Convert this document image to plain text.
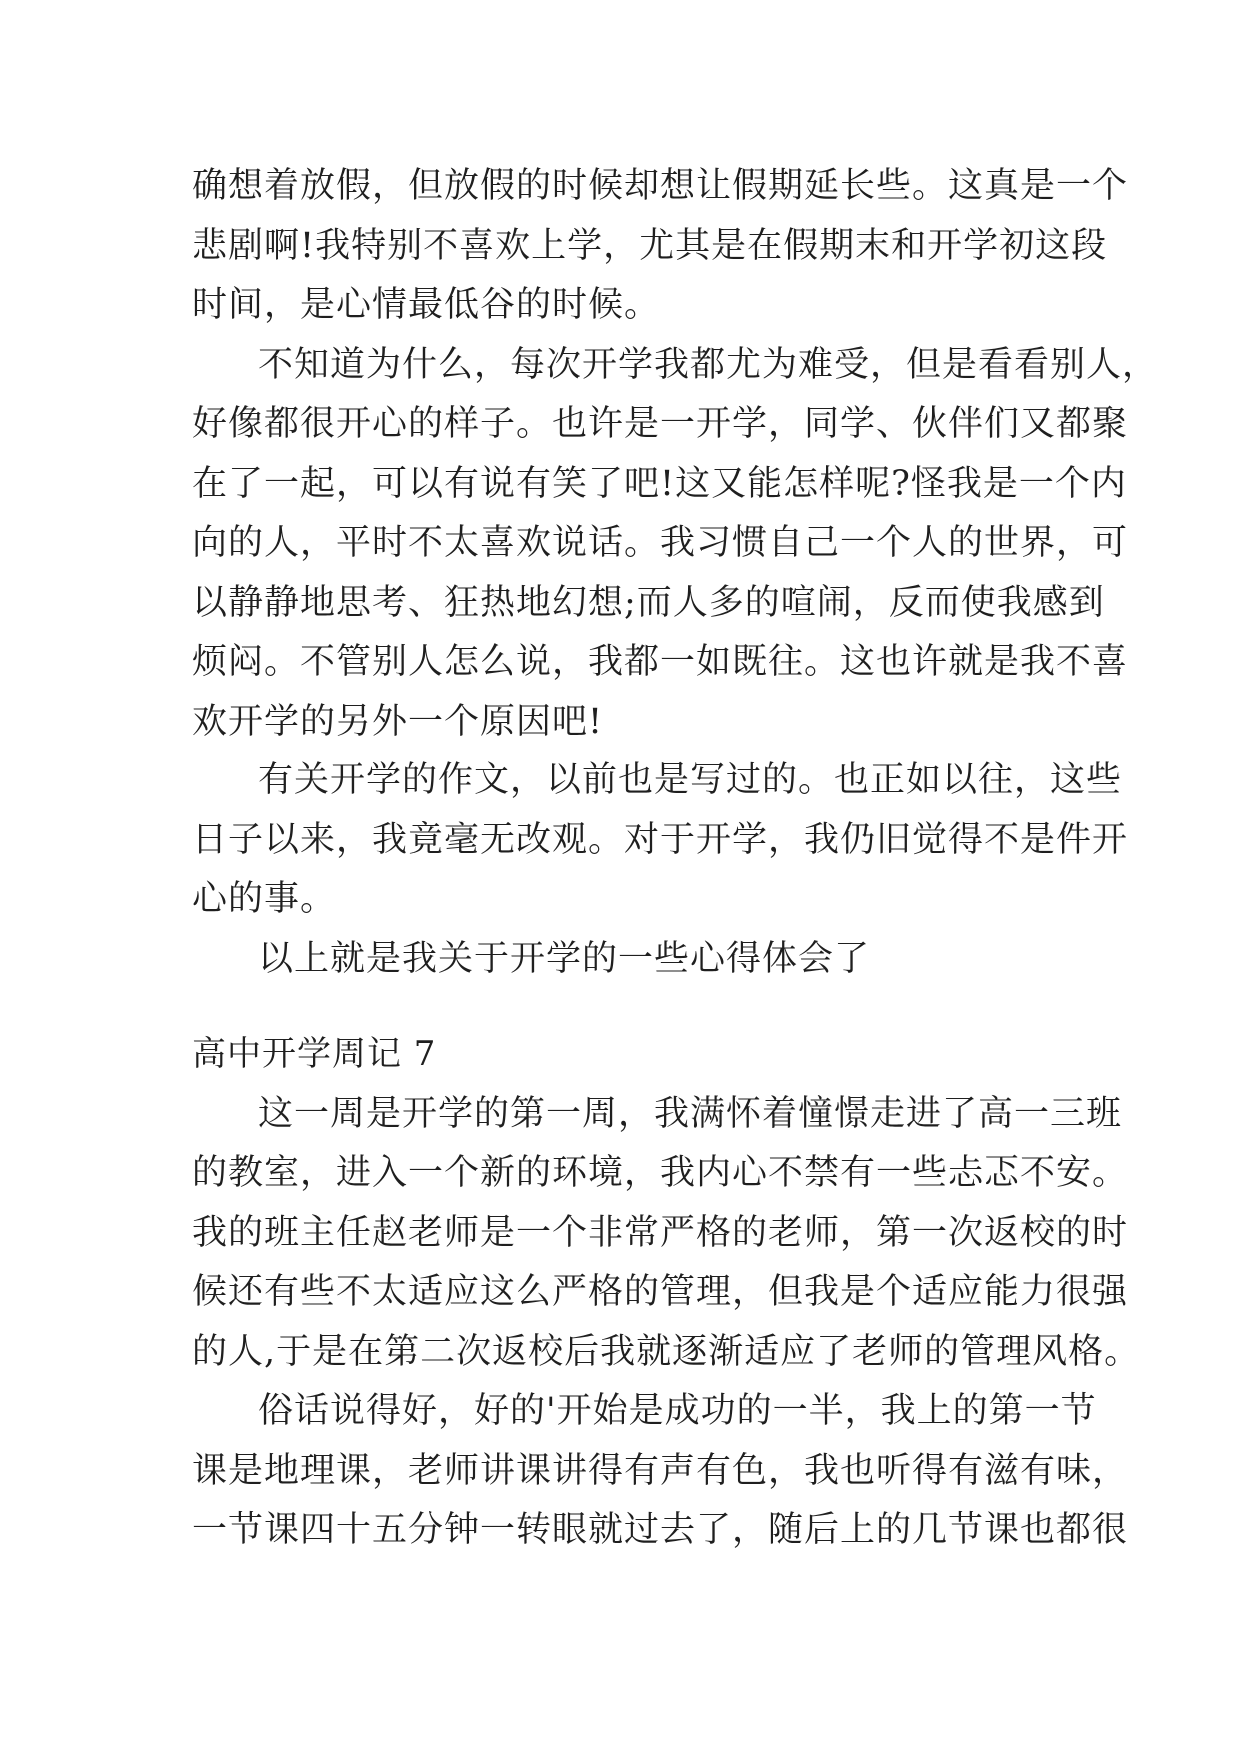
确想着放假，但放假的时候却想让假期延长些。这真是一个

悲剧啊!我特别不喜欢上学，尤其是在假期末和开学初这段

时间，是心情最低谷的时候。

不知道为什么，每次开学我都尤为难受，但是看看别人，

好像都很开心的样子。也许是一开学，同学、伙伴们又都聚

在了一起，可以有说有笑了吧!这又能怎样呢?怪我是一个内

向的人，平时不太喜欢说话。我习惯自己一个人的世界，可

以静静地思考、狂热地幻想;而人多的喧闹，反而使我感到

烦闷。不管别人怎么说，我都一如既往。这也许就是我不喜

欢开学的另外一个原因吧!

有关开学的作文，以前也是写过的。也正如以往，这些

日子以来，我竟毫无改观。对于开学，我仍旧觉得不是件开

心的事。

以上就是我关于开学的一些心得体会了

高中开学周记 7

这一周是开学的第一周，我满怀着憧憬走进了高一三班

的教室，进入一个新的环境，我内心不禁有一些忐忑不安。

我的班主任赵老师是一个非常严格的老师，第一次返校的时

候还有些不太适应这么严格的管理，但我是个适应能力很强

的人,于是在第二次返校后我就逐渐适应了老师的管理风格。

俗话说得好，好的'开始是成功的一半，我上的第一节

课是地理课，老师讲课讲得有声有色，我也听得有滋有味，

一节课四十五分钟一转眼就过去了，随后上的几节课也都很
